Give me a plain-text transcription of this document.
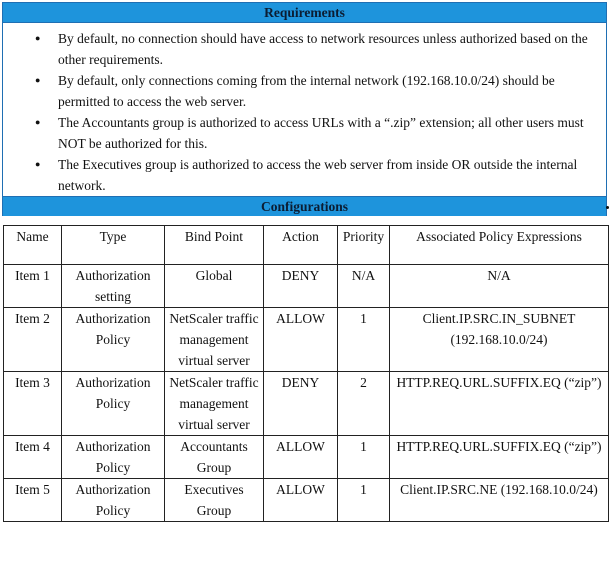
Requirements
● By default, no connection should have access to network resources unless authorized based on the other requirements.
● By default, only connections coming from the internal network (192.168.10.0/24) should be permitted to access the web server.
● The Accountants group is authorized to access URLs with a “.zip” extension; all other users must NOT be authorized for this.
● The Executives group is authorized to access the web server from inside OR outside the internal network.
Configurations
Name	Type	Bind Point	Action	Priority	Associated Policy Expressions
Item 1	Authorization setting	Global	DENY	N/A	N/A
Item 2	Authorization Policy	NetScaler traffic management virtual server	ALLOW	1	Client.IP.SRC.IN_SUBNET (192.168.10.0/24)
Item 3	Authorization Policy	NetScaler traffic management virtual server	DENY	2	HTTP.REQ.URL.SUFFIX.EQ (“zip”)
Item 4	Authorization Policy	Accountants Group	ALLOW	1	HTTP.REQ.URL.SUFFIX.EQ (“zip”)
Item 5	Authorization Policy	Executives Group	ALLOW	1	Client.IP.SRC.NE (192.168.10.0/24)
